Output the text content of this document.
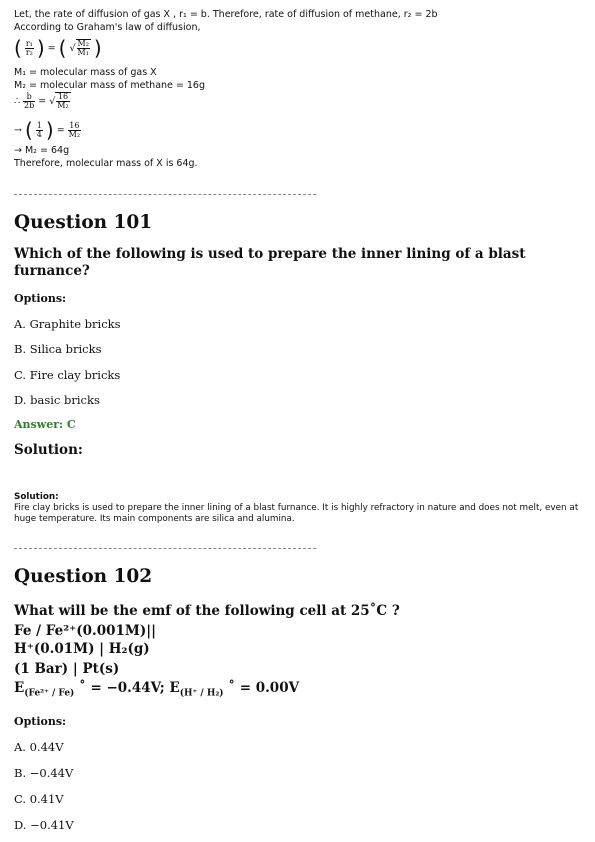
Let, the rate of diffusion of gas X , r₁ = b. Therefore, rate of diffusion of methane, r₂ = 2b
According to Graham's law of diffusion,
( $\frac{\text{r₁}}{\text{r₂}}$ ) = ( √ $\frac{\text{M₂}}{\text{M₁}}$ )
M₁ = molecular mass of gas X
M₂ = molecular mass of methane = 16g
∴ $\frac{b}{2b}$ = √ $\frac{16}{\text{M₂}}$
→ ( $\frac{1}{4}$ ) = $\frac{16}{\text{M₂}}$
→ M₂ = 64g
Therefore, molecular mass of X is 64g.
Question 101

Which of the following is used to prepare the inner lining of a blast furnance?

Options:
A. Graphite bricks
B. Silica bricks
C. Fire clay bricks
D. basic bricks
Answer: C
Solution:
Solution:
Fire clay bricks is used to prepare the inner lining of a blast furnance. It is highly refractory in nature and does not melt, even at huge temperature. Its main components are silica and alumina.
Question 102

What will be the emf of the following cell at 25˚C ?

Fe / Fe²⁺(0.001M)||

H⁺(0.01M) | H₂(g)

(1 Bar) | Pt(s)

$E_{(Fe^{2+} / Fe)}$ ˚ = −0.44V; $E_{(H^+ / H_2)}$ ˚ = 0.00V

Options:
A. 0.44V
B. −0.44V
C. 0.41V
D. −0.41V
